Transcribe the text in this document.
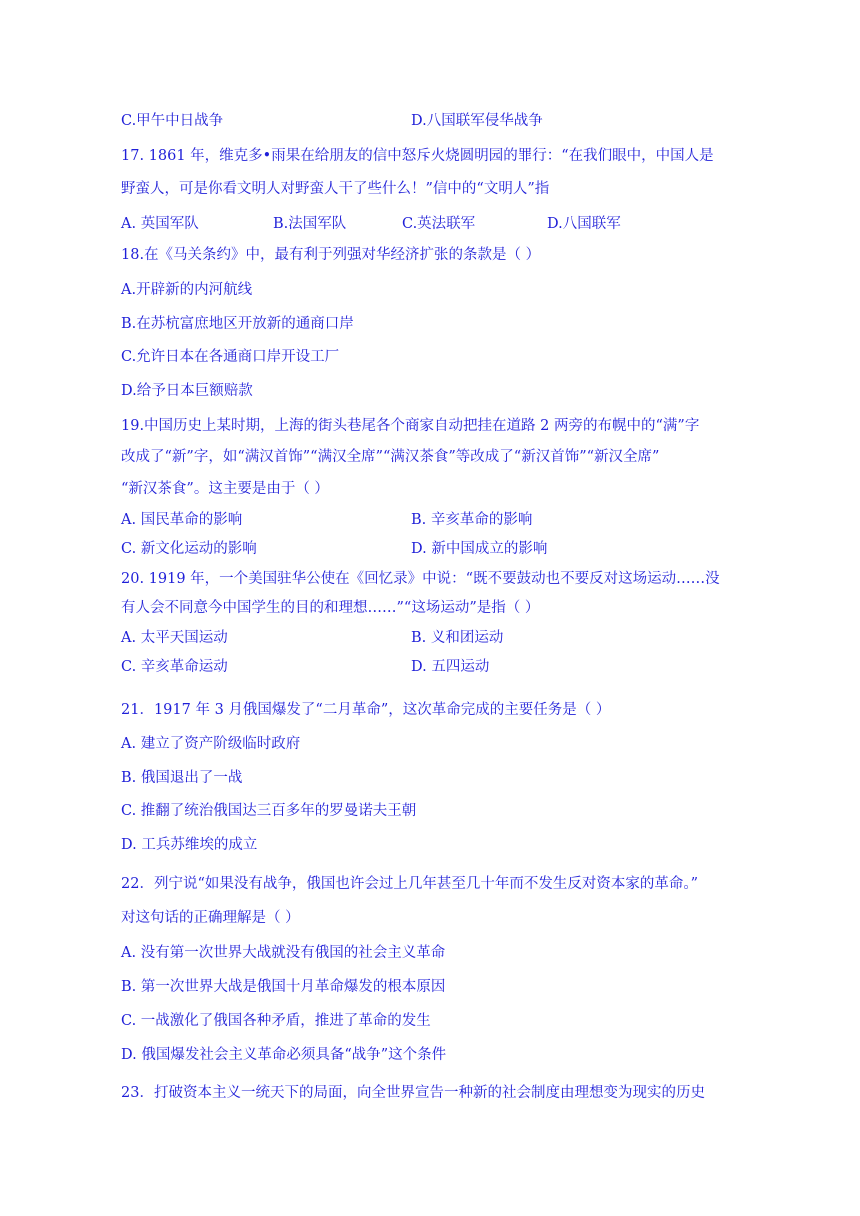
C.甲午中日战争	D.八国联军侵华战争
17. 1861 年，维克多•雨果在给朋友的信中怒斥火烧圆明园的罪行：“在我们眼中，中国人是
野蛮人，可是你看文明人对野蛮人干了些什么！”信中的“文明人”指
A. 英国军队	B.法国军队	C.英法联军	D.八国联军
18.在《马关条约》中，最有利于列强对华经济扩张的条款是（ ）
A.开辟新的内河航线
B.在苏杭富庶地区开放新的通商口岸
C.允许日本在各通商口岸开设工厂
D.给予日本巨额赔款
19.中国历史上某时期，上海的街头巷尾各个商家自动把挂在道路 2 两旁的布幌中的“满”字
改成了“新”字，如“满汉首饰”“满汉全席”“满汉茶食”等改成了“新汉首饰”“新汉全席”
“新汉茶食”。这主要是由于（ ）
A. 国民革命的影响	B. 辛亥革命的影响
C. 新文化运动的影响	D. 新中国成立的影响
20. 1919 年，一个美国驻华公使在《回忆录》中说：“既不要鼓动也不要反对这场运动……没
有人会不同意今中国学生的目的和理想……”“这场运动”是指（ ）
A. 太平天国运动	B. 义和团运动
C. 辛亥革命运动	D. 五四运动
21．1917 年 3 月俄国爆发了“二月革命”，这次革命完成的主要任务是（ ）
A. 建立了资产阶级临时政府
B. 俄国退出了一战
C. 推翻了统治俄国达三百多年的罗曼诺夫王朝
D. 工兵苏维埃的成立
22．列宁说“如果没有战争，俄国也许会过上几年甚至几十年而不发生反对资本家的革命。”
对这句话的正确理解是（ ）
A. 没有第一次世界大战就没有俄国的社会主义革命
B. 第一次世界大战是俄国十月革命爆发的根本原因
C. 一战激化了俄国各种矛盾，推进了革命的发生
D. 俄国爆发社会主义革命必须具备“战争”这个条件
23．打破资本主义一统天下的局面，向全世界宣告一种新的社会制度由理想变为现实的历史
